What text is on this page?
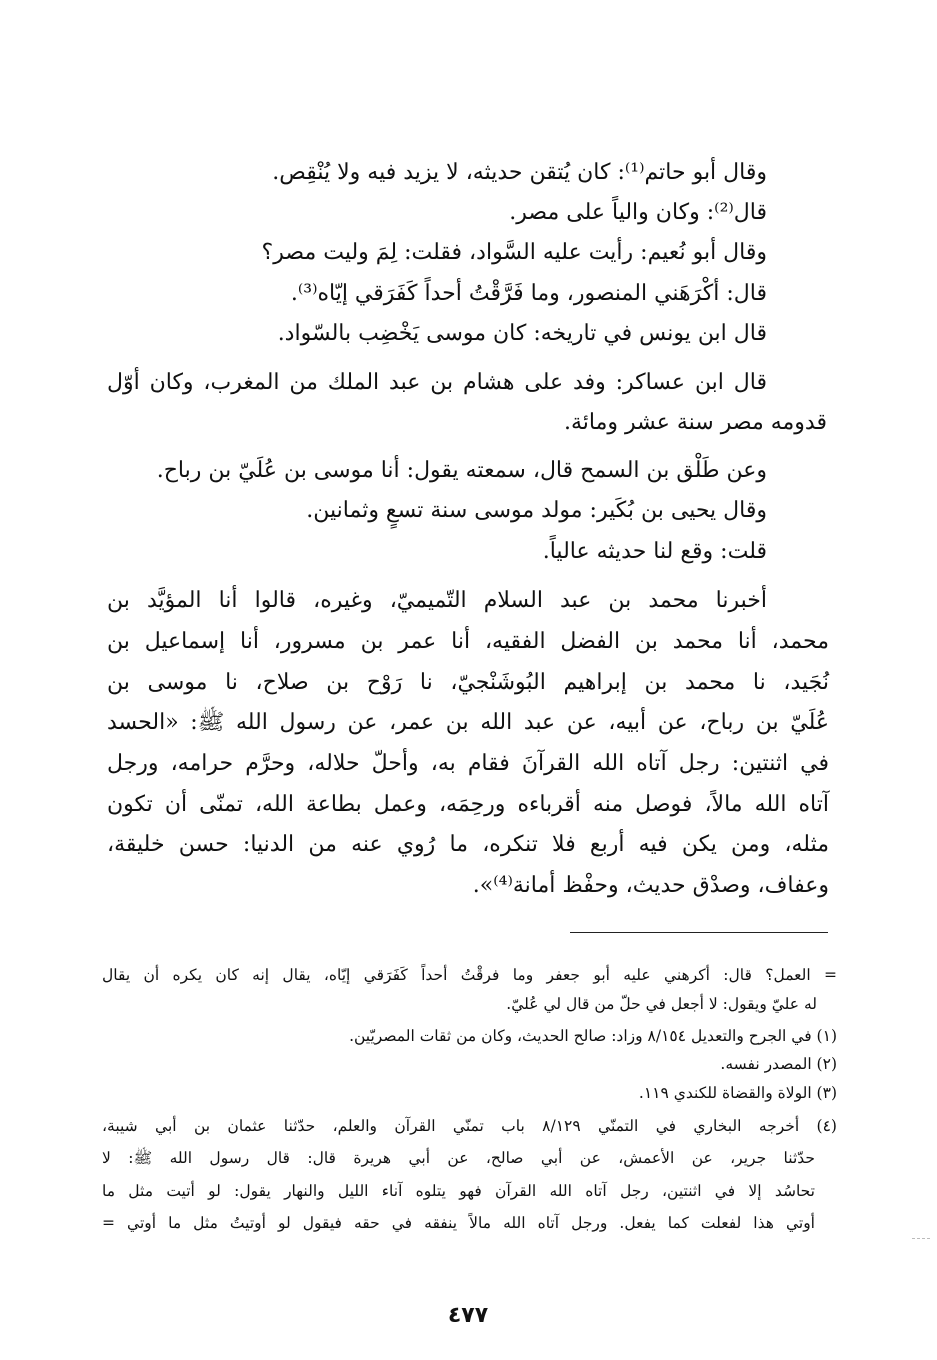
وقال أبو حاتم⁽¹⁾: كان يُتقن حديثه، لا يزيد فيه ولا يُنْقِص.
قال⁽²⁾: وكان والياً على مصر.
وقال أبو نُعيم: رأيت عليه السَّواد، فقلت: لِمَ وليت مصر؟
قال: أكْرَهَني المنصور، وما فَرَّقْتُ أحداً كَفَرَقي إيّاه⁽³⁾.
قال ابن يونس في تاريخه: كان موسى يَخْضِب بالسّواد.
قال ابن عساكر: وفد على هشام بن عبد الملك من المغرب، وكان أوّل
قدومه مصر سنة عشر ومائة.
وعن طَلْق بن السمح قال، سمعته يقول: أنا موسى بن عُلَيّ بن رباح.
وقال يحيى بن بُكَير: مولد موسى سنة تسعٍ وثمانين.
قلت: وقع لنا حديثه عالياً.
أخبرنا محمد بن عبد السلام التّميميّ، وغيره، قالوا أنا المؤيَّد بن
محمد، أنا محمد بن الفضل الفقيه، أنا عمر بن مسرور، أنا إسماعيل بن
نُجَيد، نا محمد بن إبراهيم البُوشَنْجيّ، نا رَوْح بن صلاح، نا موسى بن
عُلَيّ بن رباح، عن أبيه، عن عبد الله بن عمر، عن رسول الله ﷺ: «الحسد
في اثنتين: رجل آتاه الله القرآنَ فقام به، وأحلّ حلاله، وحرَّم حرامه، ورجل
آتاه الله مالاً، فوصل منه أقرباءه ورحِمَه، وعمل بطاعة الله، تمنّى أن تكون
مثله، ومن يكن فيه أربع فلا تنكره، ما رُوي عنه من الدنيا: حسن خليقة،
وعفاف، وصدْق حديث، وحفْظ أمانة⁽⁴⁾».
= العمل؟ قال: أكرهني عليه أبو جعفر وما فرقْتُ أحداً كَفَرَقي إيّاه، يقال إنه كان يكره أن يقال
له عليّ ويقول: لا أجعل في حلّ من قال لي عُليّ.
(١) في الجرح والتعديل ٨/١٥٤ وزاد: صالح الحديث، وكان من ثقات المصريّين.
(٢) المصدر نفسه.
(٣) الولاة والقضاة للكندي ١١٩.
(٤) أخرجه البخاري في التمنّي ٨/١٢٩ باب تمنّي القرآن والعلم، حدّثنا عثمان بن أبي شيبة،
حدّثنا جرير، عن الأعمش، عن أبي صالح، عن أبي هريرة قال: قال رسول الله ﷺ: لا
تحاسُد إلا في اثنتين، رجل آتاه الله القرآن فهو يتلوه آناء الليل والنهار يقول: لو أتيت مثل ما
أوتي هذا لفعلت كما يفعل. ورجل آتاه الله مالاً ينفقه في حقه فيقول لو أوتيتُ مثل ما أوتي =
٤٧٧
